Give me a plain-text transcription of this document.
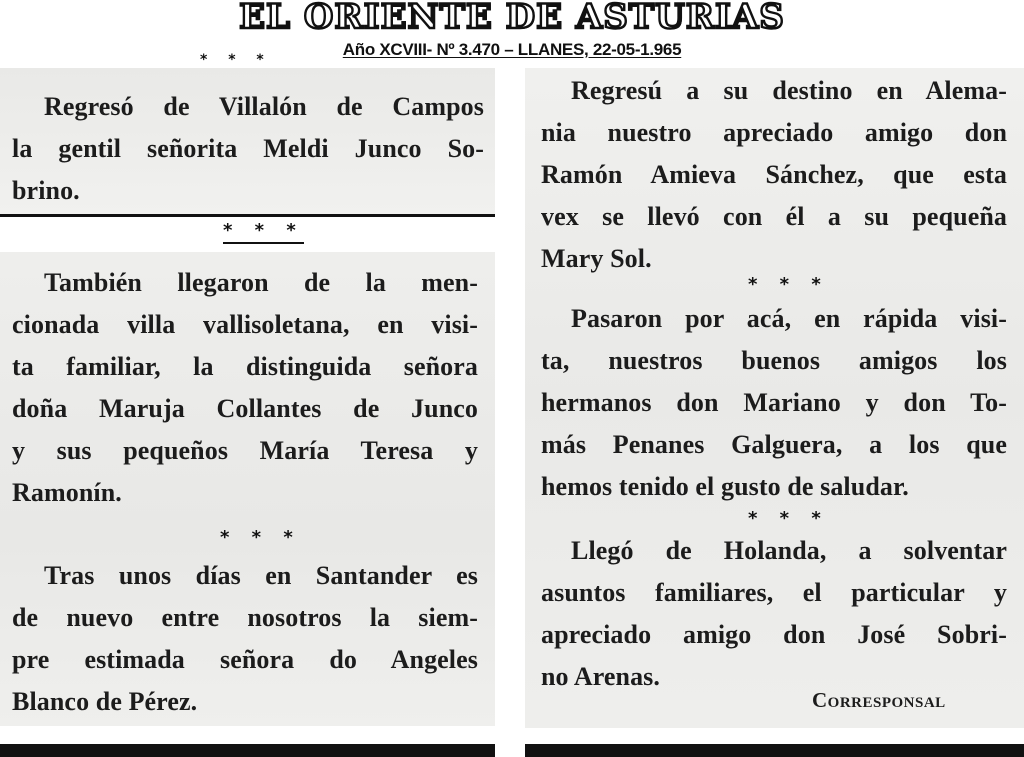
EL ORIENTE DE ASTURIAS
Año XCVIII- Nº 3.470 – LLANES, 22-05-1.965
* * *
Regresó de Villalón de Campos
la gentil señorita Meldi Junco So-
brino.
* * *
También llegaron de la men-
cionada villa vallisoletana, en visi-
ta familiar, la distinguida señora
doña Maruja Collantes de Junco
y sus pequeños María Teresa y
Ramonín.
* * *
Tras unos días en Santander es
de nuevo entre nosotros la siem-
pre estimada señora do Angeles
Blanco de Pérez.
Regresú a su destino en Alema-
nia nuestro apreciado amigo don
Ramón Amieva Sánchez, que esta
vex se llevó con él a su pequeña
Mary Sol.
* * *
Pasaron por acá, en rápida visi-
ta, nuestros buenos amigos los
hermanos don Mariano y don To-
más Penanes Galguera, a los que
hemos tenido el gusto de saludar.
* * *
Llegó de Holanda, a solventar
asuntos familiares, el particular y
apreciado amigo don José Sobri-
no Arenas.
Corresponsal
